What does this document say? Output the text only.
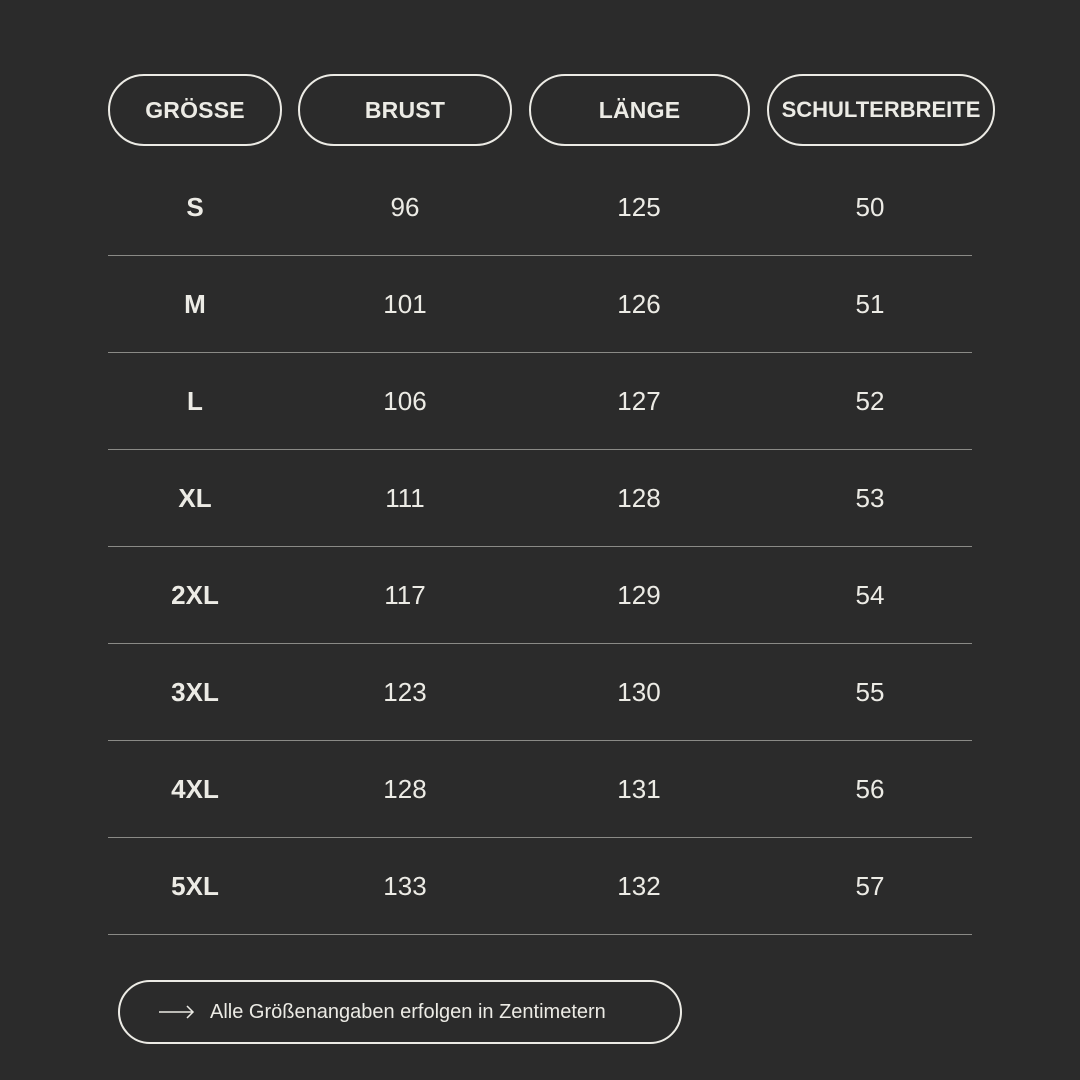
GRÖSSE	BRUST	LÄNGE	SCHULTERBREITE
S	96	125	50
M	101	126	51
L	106	127	52
XL	111	128	53
2XL	117	129	54
3XL	123	130	55
4XL	128	131	56
5XL	133	132	57
Alle Größenangaben erfolgen in Zentimetern
